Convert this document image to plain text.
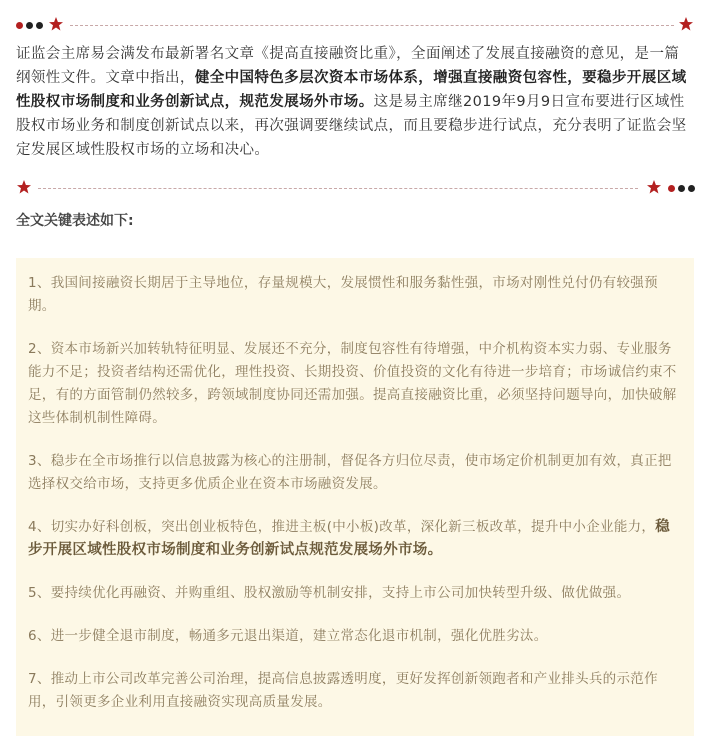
证监会主席易会满发布最新署名文章《提高直接融资比重》，全面阐述了发展直接融资的意见，是一篇纲领性文件。文章中指出，健全中国特色多层次资本市场体系，增强直接融资包容性，要稳步开展区域性股权市场制度和业务创新试点，规范发展场外市场。这是易主席继2019年9月9日宣布要进行区域性股权市场业务和制度创新试点以来，再次强调要继续试点，而且要稳步进行试点，充分表明了证监会坚定发展区域性股权市场的立场和决心。

全文关键表述如下:

1、我国间接融资长期居于主导地位，存量规模大，发展惯性和服务黏性强，市场对刚性兑付仍有较强预期。

2、资本市场新兴加转轨特征明显、发展还不充分，制度包容性有待增强，中介机构资本实力弱、专业服务能力不足；投资者结构还需优化，理性投资、长期投资、价值投资的文化有待进一步培育；市场诚信约束不足，有的方面管制仍然较多，跨领域制度协同还需加强。提高直接融资比重，必须坚持问题导向，加快破解这些体制机制性障碍。

3、稳步在全市场推行以信息披露为核心的注册制，督促各方归位尽责，使市场定价机制更加有效，真正把选择权交给市场，支持更多优质企业在资本市场融资发展。

4、切实办好科创板，突出创业板特色，推进主板(中小板)改革，深化新三板改革，提升中小企业能力，稳步开展区域性股权市场制度和业务创新试点规范发展场外市场。

5、要持续优化再融资、并购重组、股权激励等机制安排，支持上市公司加快转型升级、做优做强。

6、进一步健全退市制度，畅通多元退出渠道，建立常态化退市机制，强化优胜劣汰。

7、推动上市公司改革完善公司治理，提高信息披露透明度，更好发挥创新领跑者和产业排头兵的示范作用，引领更多企业利用直接融资实现高质量发展。
